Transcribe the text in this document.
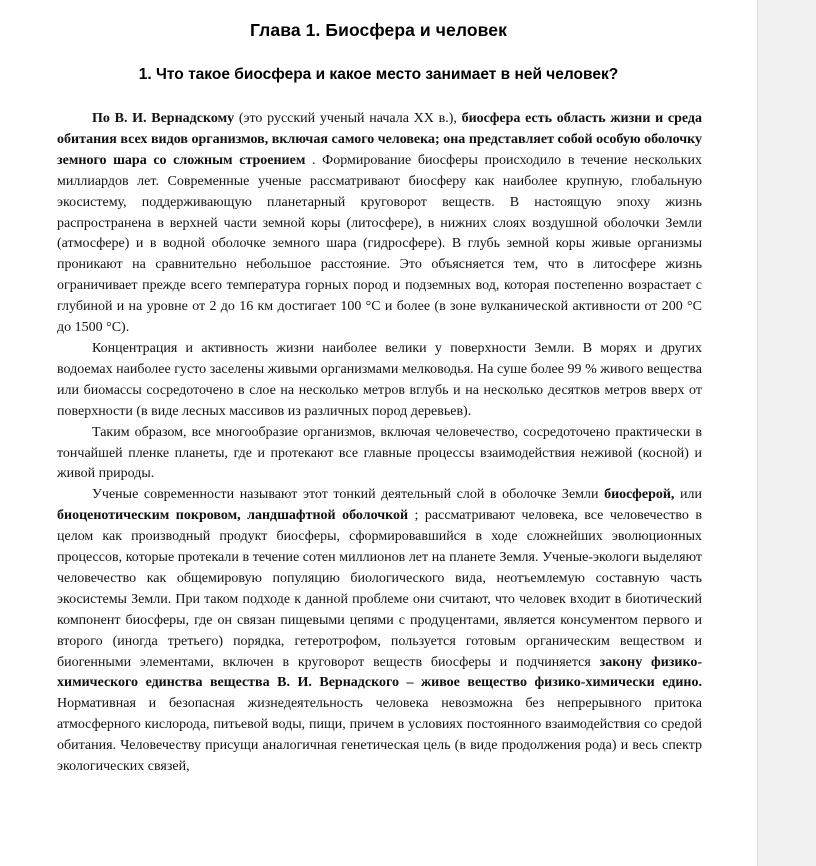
Глава 1. Биосфера и человек
1. Что такое биосфера и какое место занимает в ней человек?

По В. И. Вернадскому (это русский ученый начала XX в.), биосфера есть область жизни и среда обитания всех видов организмов, включая самого человека; она представляет собой особую оболочку земного шара со сложным строением . Формирование биосферы происходило в течение нескольких миллиардов лет. Современные ученые рассматривают биосферу как наиболее крупную, глобальную экосистему, поддерживающую планетарный круговорот веществ. В настоящую эпоху жизнь распространена в верхней части земной коры (литосфере), в нижних слоях воздушной оболочки Земли (атмосфере) и в водной оболочке земного шара (гидросфере). В глубь земной коры живые организмы проникают на сравнительно небольшое расстояние. Это объясняется тем, что в литосфере жизнь ограничивает прежде всего температура горных пород и подземных вод, которая постепенно возрастает с глубиной и на уровне от 2 до 16 км достигает 100 °С и более (в зоне вулканической активности от 200 °С до 1500 °С).

Концентрация и активность жизни наиболее велики у поверхности Земли. В морях и других водоемах наиболее густо заселены живыми организмами мелководья. На суше более 99 % живого вещества или биомассы сосредоточено в слое на несколько метров вглубь и на несколько десятков метров вверх от поверхности (в виде лесных массивов из различных пород деревьев).

Таким образом, все многообразие организмов, включая человечество, сосредоточено практически в тончайшей пленке планеты, где и протекают все главные процессы взаимодействия неживой (косной) и живой природы.

Ученые современности называют этот тонкий деятельный слой в оболочке Земли биосферой, или биоценотическим покровом, ландшафтной оболочкой ; рассматривают человека, все человечество в целом как производный продукт биосферы, сформировавшийся в ходе сложнейших эволюционных процессов, которые протекали в течение сотен миллионов лет на планете Земля. Ученые-экологи выделяют человечество как общемировую популяцию биологического вида, неотъемлемую составную часть экосистемы Земли. При таком подходе к данной проблеме они считают, что человек входит в биотический компонент биосферы, где он связан пищевыми цепями с продуцентами, является консументом первого и второго (иногда третьего) порядка, гетеротрофом, пользуется готовым органическим веществом и биогенными элементами, включен в круговорот веществ биосферы и подчиняется закону физико-химического единства вещества В. И. Вернадского – живое вещество физико-химически едино. Нормативная и безопасная жизнедеятельность человека невозможна без непрерывного притока атмосферного кислорода, питьевой воды, пищи, причем в условиях постоянного взаимодействия со средой обитания. Человечеству присущи аналогичная генетическая цель (в виде продолжения рода) и весь спектр экологических связей,
